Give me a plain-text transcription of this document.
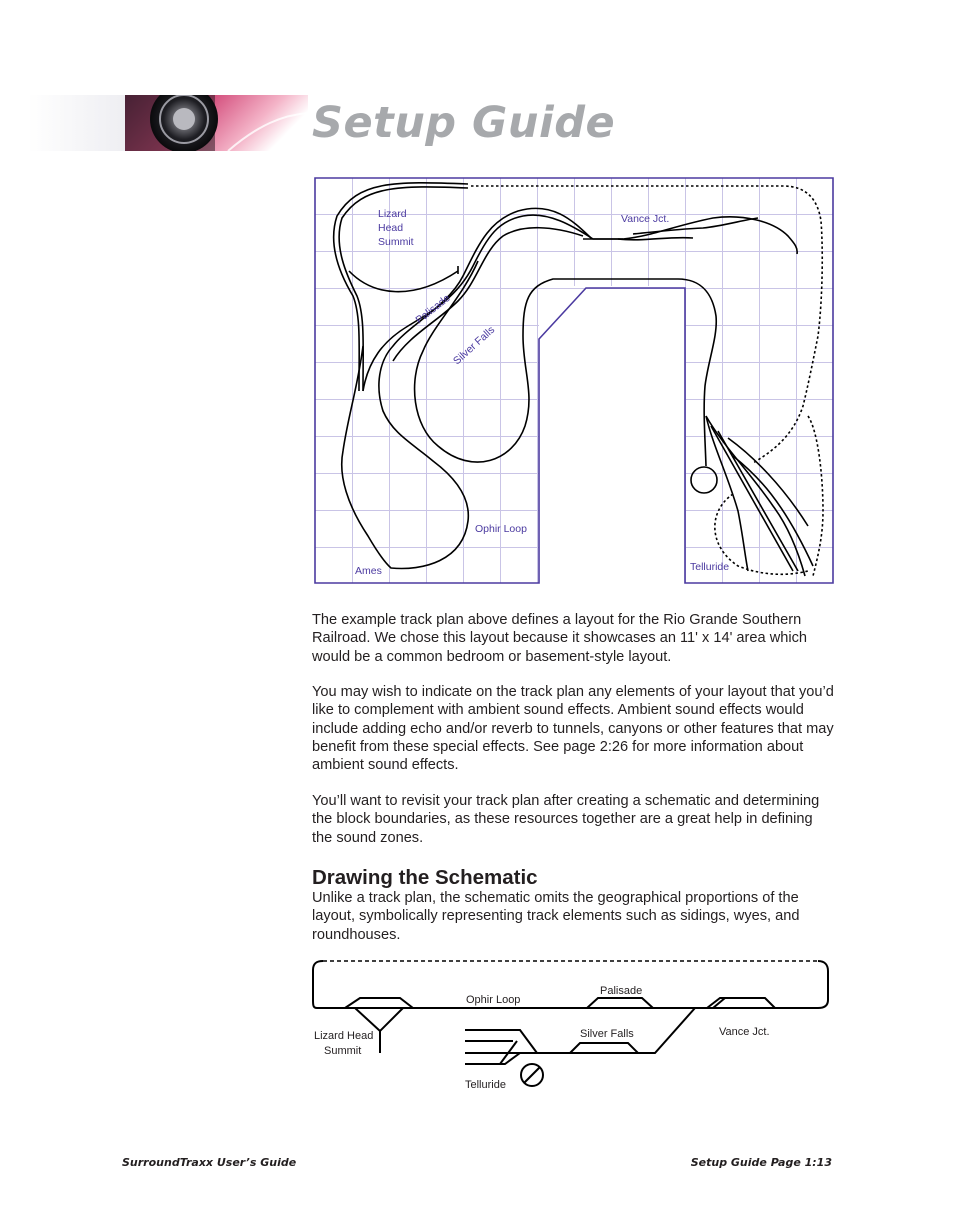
Setup Guide
Lizard
Head
Summit
Vance Jct.
Palisade
Silver Falls
Ophir Loop
Ames	Telluride

The example track plan above defines a layout for the Rio Grande Southern Railroad. We chose this layout because it showcases an 11' x 14' area which would be a common bedroom or basement-style layout.

You may wish to indicate on the track plan any elements of your layout that you’d like to complement with ambient sound effects. Ambient sound effects would include adding echo and/or reverb to tunnels, canyons or other features that may benefit from these special effects. See page 2:26 for more information about ambient sound effects.

You’ll want to revisit your track plan after creating a schematic and determining the block boundaries, as these resources together are a great help in defining the sound zones.

Drawing the Schematic

Unlike a track plan, the schematic omits the geographical proportions of the layout, symbolically representing track elements such as sidings, wyes, and roundhouses.

Lizard Head
Summit
Ophir Loop
Palisade
Silver Falls	Vance Jct.
Telluride
SurroundTraxx User’s Guide	Setup Guide Page 1:13
